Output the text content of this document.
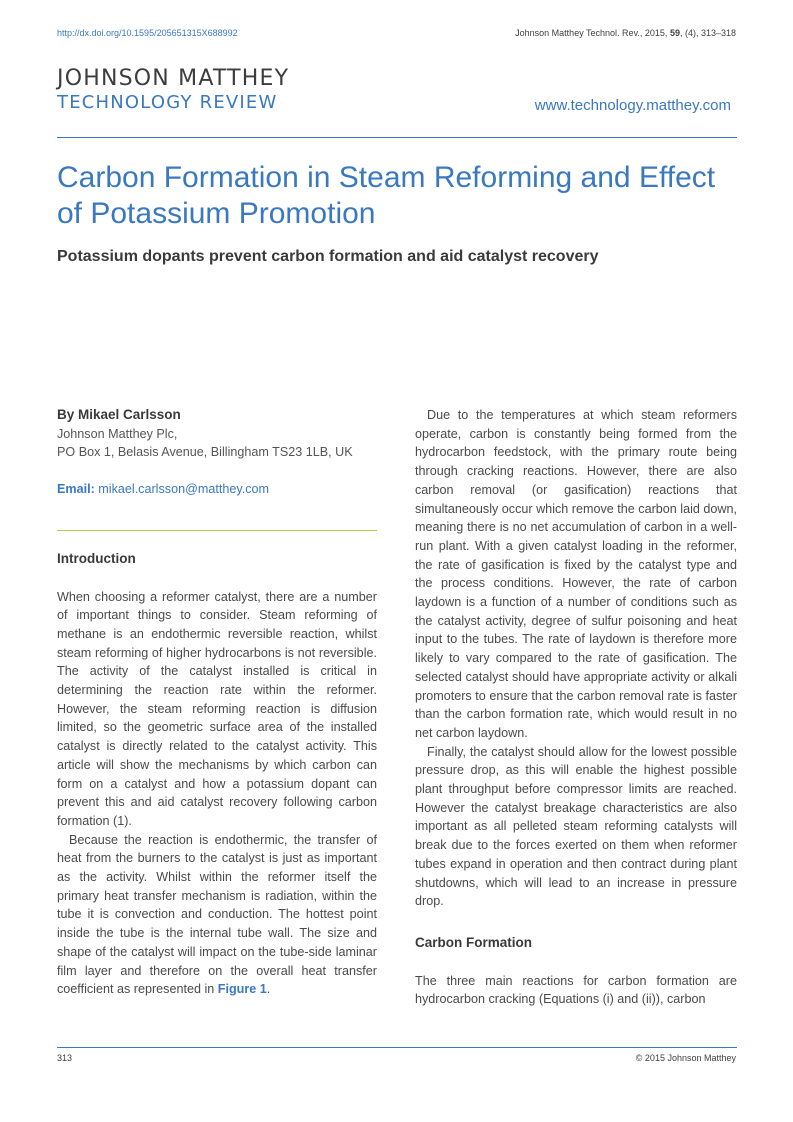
http://dx.doi.org/10.1595/205651315X688992	Johnson Matthey Technol. Rev., 2015, 59, (4), 313–318
JOHNSON MATTHEY
TECHNOLOGY REVIEW	www.technology.matthey.com
Carbon Formation in Steam Reforming and Effect of Potassium Promotion
Potassium dopants prevent carbon formation and aid catalyst recovery
By Mikael Carlsson
Johnson Matthey Plc,
PO Box 1, Belasis Avenue, Billingham TS23 1LB, UK
Email: mikael.carlsson@matthey.com
Introduction

When choosing a reformer catalyst, there are a number of important things to consider. Steam reforming of methane is an endothermic reversible reaction, whilst steam reforming of higher hydrocarbons is not reversible. The activity of the catalyst installed is critical in determining the reaction rate within the reformer. However, the steam reforming reaction is diffusion limited, so the geometric surface area of the installed catalyst is directly related to the catalyst activity. This article will show the mechanisms by which carbon can form on a catalyst and how a potassium dopant can prevent this and aid catalyst recovery following carbon formation (1).

Because the reaction is endothermic, the transfer of heat from the burners to the catalyst is just as important as the activity. Whilst within the reformer itself the primary heat transfer mechanism is radiation, within the tube it is convection and conduction. The hottest point inside the tube is the internal tube wall. The size and shape of the catalyst will impact on the tube-side laminar film layer and therefore on the overall heat transfer coefficient as represented in Figure 1.

Due to the temperatures at which steam reformers operate, carbon is constantly being formed from the hydrocarbon feedstock, with the primary route being through cracking reactions. However, there are also carbon removal (or gasification) reactions that simultaneously occur which remove the carbon laid down, meaning there is no net accumulation of carbon in a well-run plant. With a given catalyst loading in the reformer, the rate of gasification is fixed by the catalyst type and the process conditions. However, the rate of carbon laydown is a function of a number of conditions such as the catalyst activity, degree of sulfur poisoning and heat input to the tubes. The rate of laydown is therefore more likely to vary compared to the rate of gasification. The selected catalyst should have appropriate activity or alkali promoters to ensure that the carbon removal rate is faster than the carbon formation rate, which would result in no net carbon laydown.

Finally, the catalyst should allow for the lowest possible pressure drop, as this will enable the highest possible plant throughput before compressor limits are reached. However the catalyst breakage characteristics are also important as all pelleted steam reforming catalysts will break due to the forces exerted on them when reformer tubes expand in operation and then contract during plant shutdowns, which will lead to an increase in pressure drop.

Carbon Formation

The three main reactions for carbon formation are hydrocarbon cracking (Equations (i) and (ii)), carbon

313	© 2015 Johnson Matthey
